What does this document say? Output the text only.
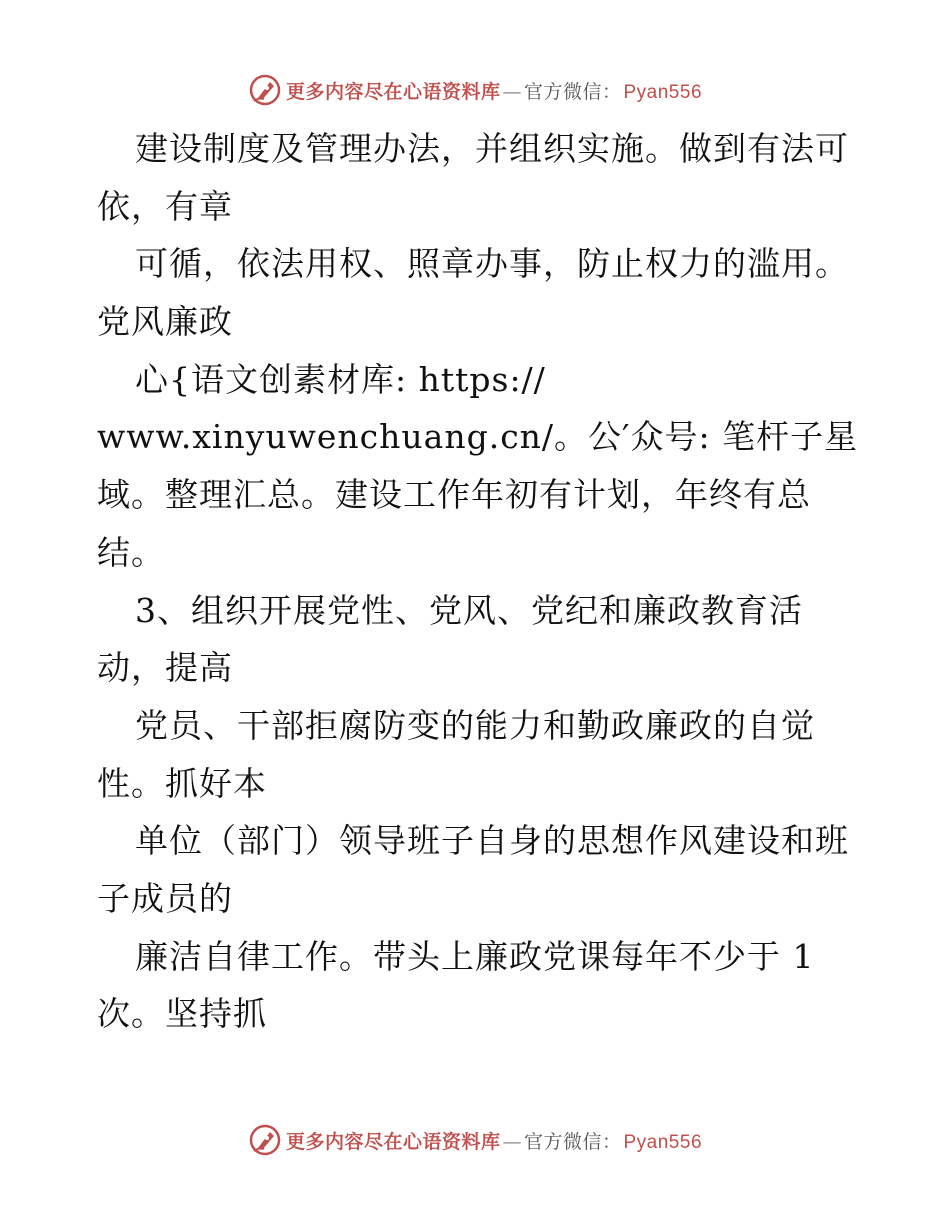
更多内容尽在心语资料库 — 官方微信： Pyan556
建设制度及管理办法，并组织实施。做到有法可
依，有章
可循，依法用权、照章办事，防止权力的滥用。
党风廉政
心{语文创素材库: https://
www.xinyuwenchuang.cn/。公′众号: 笔杆子星
域。整理汇总。建设工作年初有计划，年终有总
结。
3、组织开展党性、党风、党纪和廉政教育活
动，提高
党员、干部拒腐防变的能力和勤政廉政的自觉
性。抓好本
单位（部门）领导班子自身的思想作风建设和班
子成员的
廉洁自律工作。带头上廉政党课每年不少于 1
次。坚持抓
更多内容尽在心语资料库 — 官方微信： Pyan556
